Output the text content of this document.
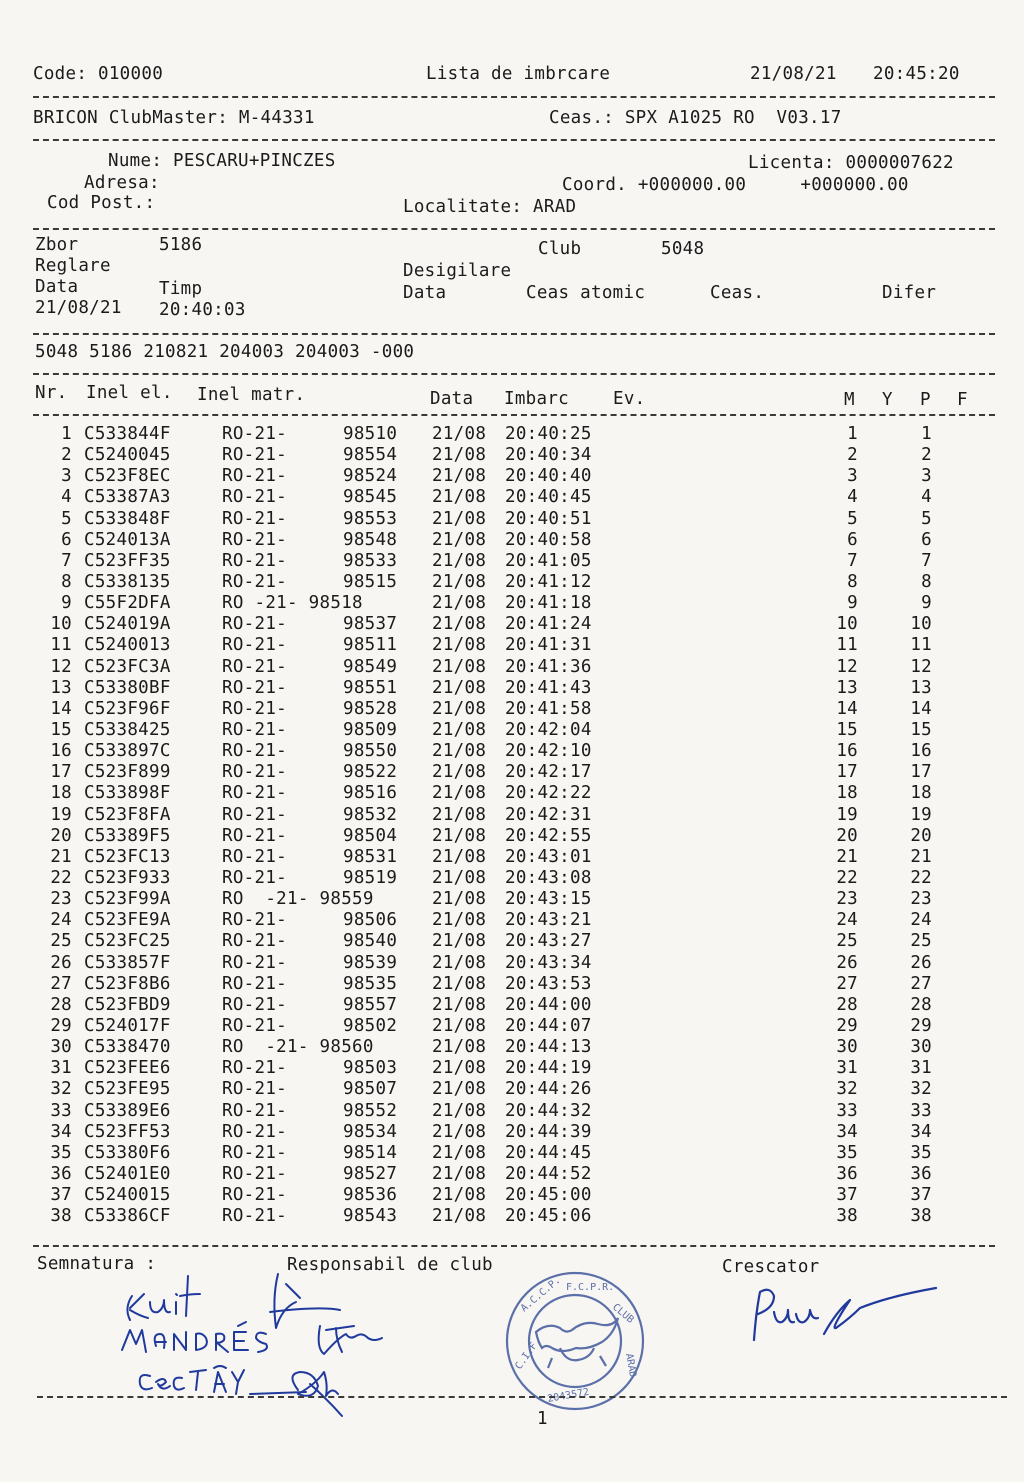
Code: 010000	Lista de imbrcare	21/08/21 20:45:20
BRICON ClubMaster: M-44331	Ceas.: SPX A1025 RO  V03.17
Nume: PESCARU+PINCZES	Licenta: 0000007622
Adresa:	Coord. +000000.00     +000000.00
Cod Post.:	Localitate: ARAD
Zbor	5186	Club	5048
Reglare	Desigilare
Data	Timp	Data	Ceas atomic	Ceas.	Difer
21/08/21 20:40:03
5048 5186 210821 204003 204003 -000
Nr. Inel el. Inel matr.	Data Imbarc	Ev.	M Y P F
1 C533844F	RO-21-	98510 21/08 20:40:25	1	1
2 C5240045	RO-21-	98554 21/08 20:40:34	2	2
3 C523F8EC	RO-21-	98524 21/08 20:40:40	3	3
4 C53387A3	RO-21-	98545 21/08 20:40:45	4	4
5 C533848F	RO-21-	98553 21/08 20:40:51	5	5
6 C524013A	RO-21-	98548 21/08 20:40:58	6	6
7 C523FF35	RO-21-	98533 21/08 20:41:05	7	7
8 C5338135	RO-21-	98515 21/08 20:41:12	8	8
9 C55F2DFA	RO -21- 98518	21/08 20:41:18	9	9
10 C524019A	RO-21-	98537 21/08 20:41:24	10	10
11 C5240013	RO-21-	98511 21/08 20:41:31	11	11
12 C523FC3A	RO-21-	98549 21/08 20:41:36	12	12
13 C53380BF	RO-21-	98551 21/08 20:41:43	13	13
14 C523F96F	RO-21-	98528 21/08 20:41:58	14	14
15 C5338425	RO-21-	98509 21/08 20:42:04	15	15
16 C533897C	RO-21-	98550 21/08 20:42:10	16	16
17 C523F899	RO-21-	98522 21/08 20:42:17	17	17
18 C533898F	RO-21-	98516 21/08 20:42:22	18	18
19 C523F8FA	RO-21-	98532 21/08 20:42:31	19	19
20 C53389F5	RO-21-	98504 21/08 20:42:55	20	20
21 C523FC13	RO-21-	98531 21/08 20:43:01	21	21
22 C523F933	RO-21-	98519 21/08 20:43:08	22	22
23 C523F99A	RO  -21- 98559	21/08 20:43:15	23	23
24 C523FE9A	RO-21-	98506 21/08 20:43:21	24	24
25 C523FC25	RO-21-	98540 21/08 20:43:27	25	25
26 C533857F	RO-21-	98539 21/08 20:43:34	26	26
27 C523F8B6	RO-21-	98535 21/08 20:43:53	27	27
28 C523FBD9	RO-21-	98557 21/08 20:44:00	28	28
29 C524017F	RO-21-	98502 21/08 20:44:07	29	29
30 C5338470	RO  -21- 98560	21/08 20:44:13	30	30
31 C523FEE6	RO-21-	98503 21/08 20:44:19	31	31
32 C523FE95	RO-21-	98507 21/08 20:44:26	32	32
33 C53389E6	RO-21-	98552 21/08 20:44:32	33	33
34 C523FF53	RO-21-	98534 21/08 20:44:39	34	34
35 C53380F6	RO-21-	98514 21/08 20:44:45	35	35
36 C52401E0	RO-21-	98527 21/08 20:44:52	36	36
37 C5240015	RO-21-	98536 21/08 20:45:00	37	37
38 C53386CF	RO-21-	98543 21/08 20:45:06	38	38
Semnatura :	Responsabil de club	Crescator
A.C.C.P. F.C.P.R.
CLUB
ARAD
C.I.F.
2043572
1
